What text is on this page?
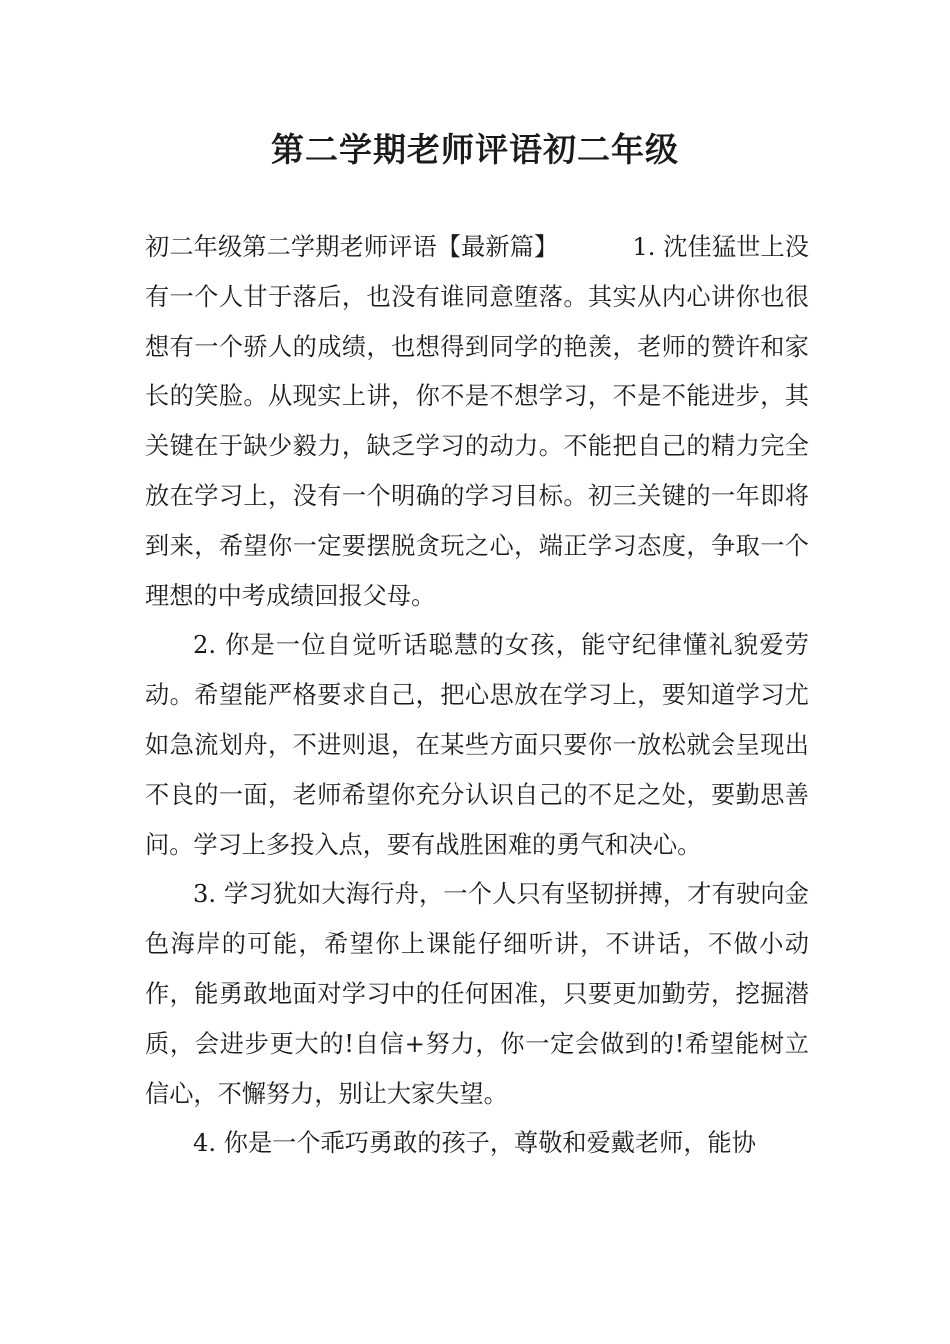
第二学期老师评语初二年级

初二年级第二学期老师评语【最新篇】	1. 沈佳猛世上没有一个人甘于落后，也没有谁同意堕落。其实从内心讲你也很想有一个骄人的成绩，也想得到同学的艳羡，老师的赞许和家长的笑脸。从现实上讲，你不是不想学习，不是不能进步，其关键在于缺少毅力，缺乏学习的动力。不能把自己的精力完全放在学习上，没有一个明确的学习目标。初三关键的一年即将到来，希望你一定要摆脱贪玩之心，端正学习态度，争取一个理想的中考成绩回报父母。

2. 你是一位自觉听话聪慧的女孩，能守纪律懂礼貌爱劳动。希望能严格要求自己，把心思放在学习上，要知道学习尤如急流划舟，不进则退，在某些方面只要你一放松就会呈现出不良的一面，老师希望你充分认识自己的不足之处，要勤思善问。学习上多投入点，要有战胜困难的勇气和决心。

3. 学习犹如大海行舟，一个人只有坚韧拼搏，才有驶向金色海岸的可能，希望你上课能仔细听讲，不讲话，不做小动作，能勇敢地面对学习中的任何困准，只要更加勤劳，挖掘潜质，会进步更大的!自信+努力，你一定会做到的!希望能树立信心，不懈努力，别让大家失望。

4. 你是一个乖巧勇敢的孩子，尊敬和爱戴老师，能协
